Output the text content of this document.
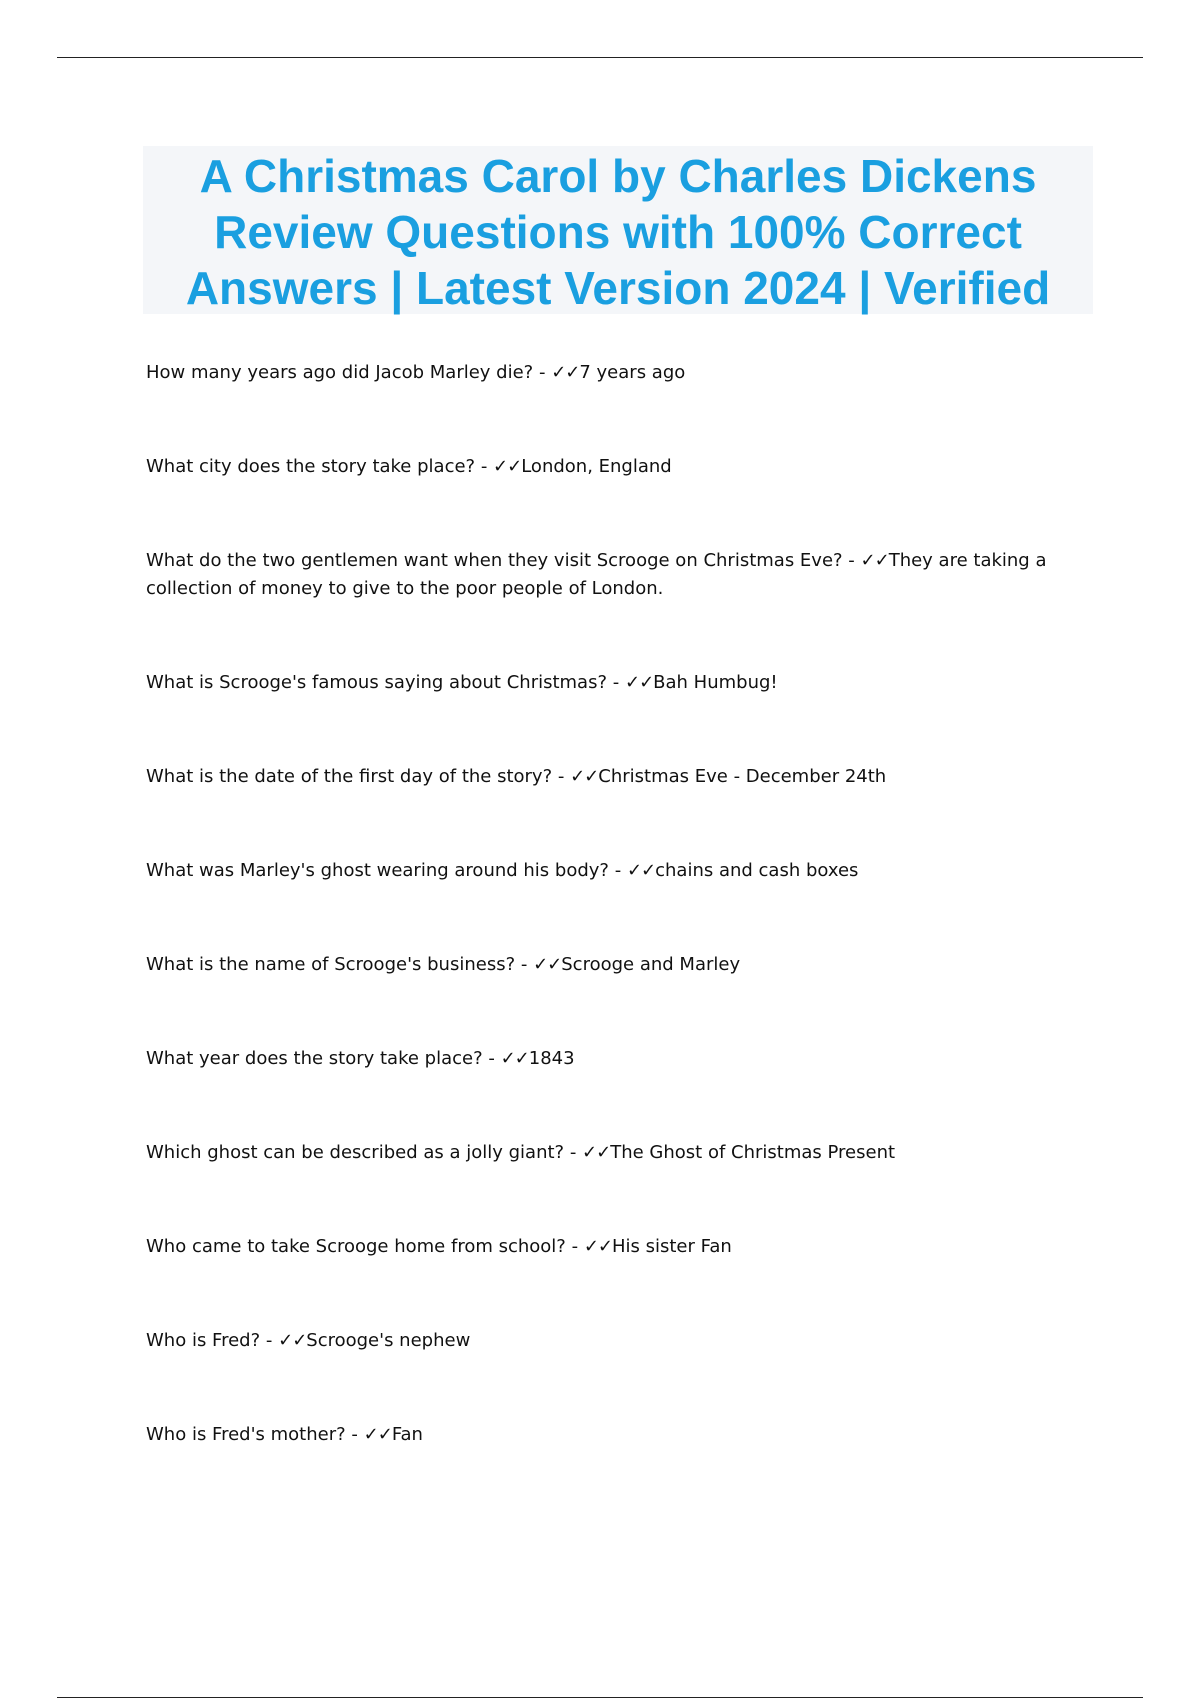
A Christmas Carol by Charles Dickens
Review Questions with 100% Correct
Answers | Latest Version 2024 | Verified
How many years ago did Jacob Marley die? - ✓✓7 years ago
What city does the story take place? - ✓✓London, England
What do the two gentlemen want when they visit Scrooge on Christmas Eve? - ✓✓They are taking a collection of money to give to the poor people of London.
What is Scrooge's famous saying about Christmas? - ✓✓Bah Humbug!
What is the date of the first day of the story? - ✓✓Christmas Eve - December 24th
What was Marley's ghost wearing around his body? - ✓✓chains and cash boxes
What is the name of Scrooge's business? - ✓✓Scrooge and Marley
What year does the story take place? - ✓✓1843
Which ghost can be described as a jolly giant? - ✓✓The Ghost of Christmas Present
Who came to take Scrooge home from school? - ✓✓His sister Fan
Who is Fred? - ✓✓Scrooge's nephew
Who is Fred's mother? - ✓✓Fan
